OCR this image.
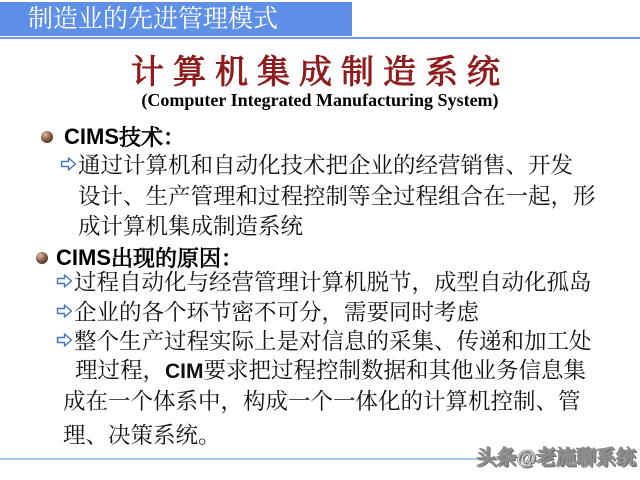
制造业的先进管理模式
计算机集成制造系统
(Computer Integrated Manufacturing System)
CIMS 技术：
通过计算机和自动化技术把企业的经营销售、开发
设计、生产管理和过程控制等全过程组合在一起，形
成计算机集成制造系统
CIMS 出现的原因：
过程自动化与经营管理计算机脱节，成型自动化孤岛
企业的各个环节密不可分，需要同时考虑
整个生产过程实际上是对信息的采集、传递和加工处
理过程，CIM要求把过程控制数据和其他业务信息集
成在一个体系中，构成一个一体化的计算机控制、管
理、决策系统。
头条@老施聊系统
